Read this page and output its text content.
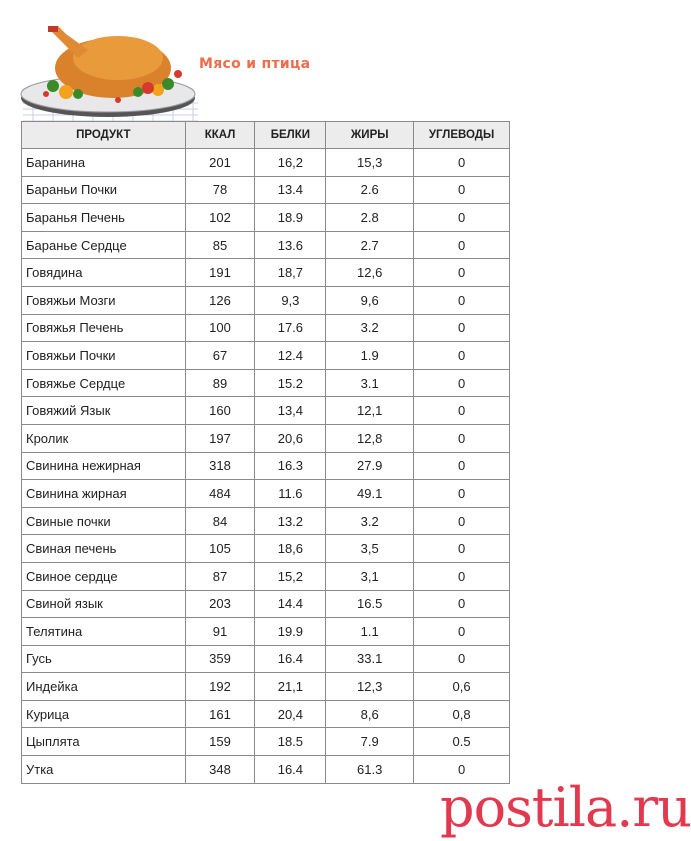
Мясо и птица
ПРОДУКТ	ККАЛ	БЕЛКИ	ЖИРЫ	УГЛЕВОДЫ
Баранина	201	16,2	15,3	0
Бараньи Почки	78	13.4	2.6	0
Баранья Печень	102	18.9	2.8	0
Баранье Сердце	85	13.6	2.7	0
Говядина	191	18,7	12,6	0
Говяжьи Мозги	126	9,3	9,6	0
Говяжья Печень	100	17.6	3.2	0
Говяжьи Почки	67	12.4	1.9	0
Говяжье Сердце	89	15.2	3.1	0
Говяжий Язык	160	13,4	12,1	0
Кролик	197	20,6	12,8	0
Свинина нежирная	318	16.3	27.9	0
Свинина жирная	484	11.6	49.1	0
Свиные почки	84	13.2	3.2	0
Свиная печень	105	18,6	3,5	0
Свиное сердце	87	15,2	3,1	0
Свиной язык	203	14.4	16.5	0
Телятина	91	19.9	1.1	0
Гусь	359	16.4	33.1	0
Индейка	192	21,1	12,3	0,6
Курица	161	20,4	8,6	0,8
Цыплята	159	18.5	7.9	0.5
Утка	348	16.4	61.3	0
postila.ru
